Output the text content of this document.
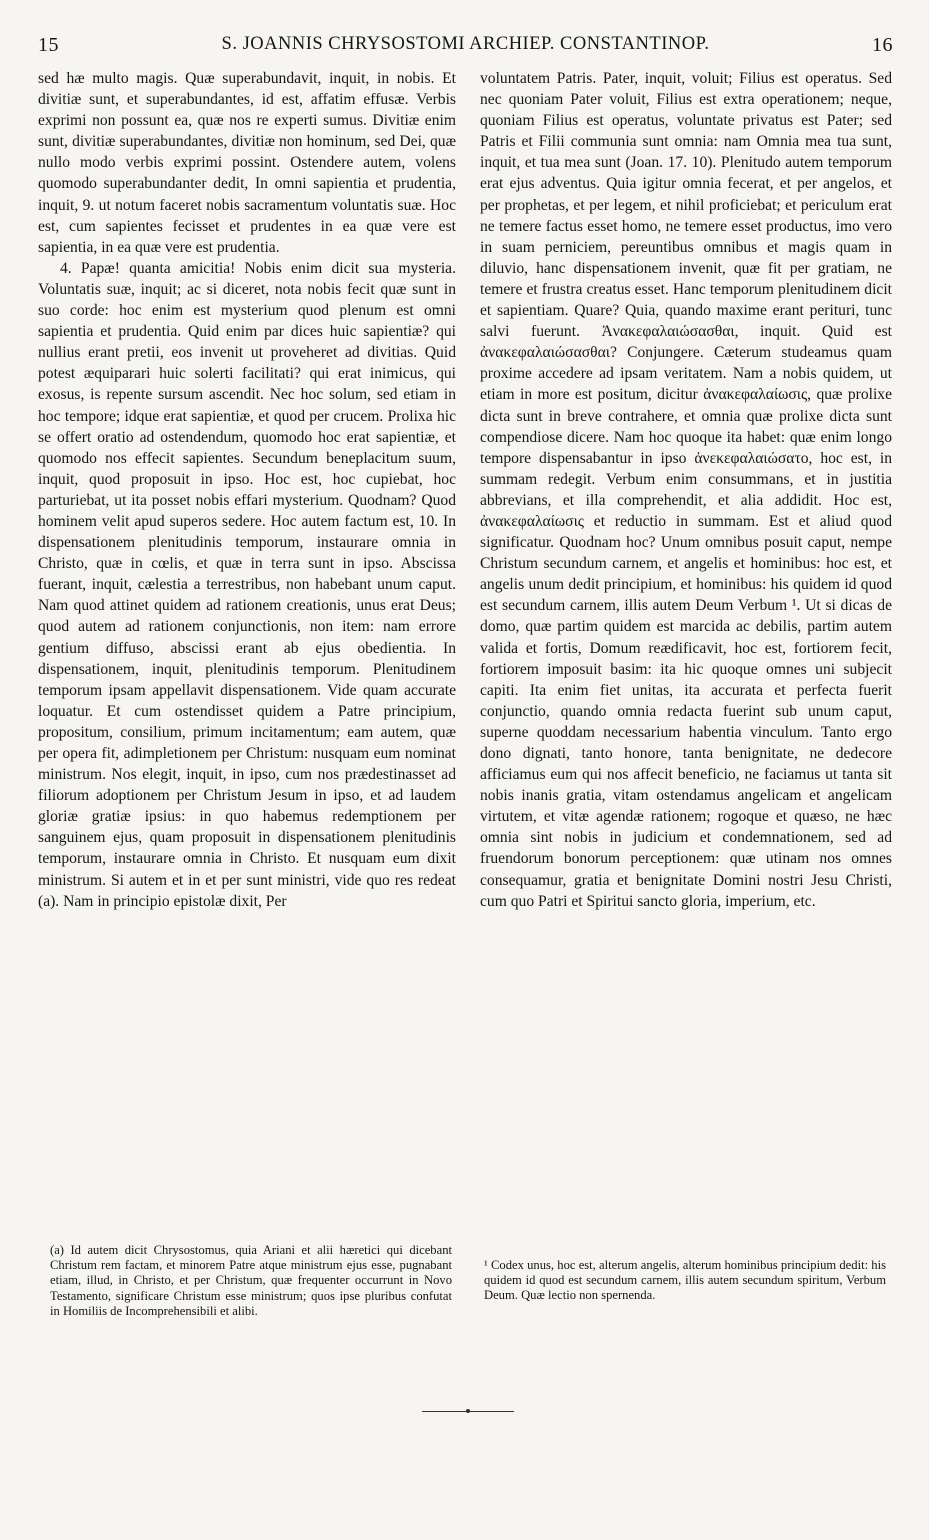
15	S. JOANNIS CHRYSOSTOMI ARCHIEP. CONSTANTINOP.	16

sed hæ multo magis. Quæ superabundavit, inquit, in nobis. Et divitiæ sunt, et superabundantes, id est, affatim effusæ. Verbis exprimi non possunt ea, quæ nos re experti sumus. Divitiæ enim sunt, divitiæ superabundantes, divitiæ non hominum, sed Dei, quæ nullo modo verbis exprimi possint. Ostendere autem, volens quomodo superabundanter dedit, In omni sapientia et prudentia, inquit, 9. ut notum faceret nobis sacramentum voluntatis suæ. Hoc est, cum sapientes fecisset et prudentes in ea quæ vere est sapientia, in ea quæ vere est prudentia.

4. Papæ! quanta amicitia! Nobis enim dicit sua mysteria. Voluntatis suæ, inquit; ac si diceret, nota nobis fecit quæ sunt in suo corde: hoc enim est mysterium quod plenum est omni sapientia et prudentia. Quid enim par dices huic sapientiæ? qui nullius erant pretii, eos invenit ut proveheret ad divitias. Quid potest æquiparari huic solerti facilitati? qui erat inimicus, qui exosus, is repente sursum ascendit. Nec hoc solum, sed etiam in hoc tempore; idque erat sapientiæ, et quod per crucem. Prolixa hic se offert oratio ad ostendendum, quomodo hoc erat sapientiæ, et quomodo nos effecit sapientes. Secundum beneplacitum suum, inquit, quod proposuit in ipso. Hoc est, hoc cupiebat, hoc parturiebat, ut ita posset nobis effari mysterium. Quodnam? Quod hominem velit apud superos sedere. Hoc autem factum est, 10. In dispensationem plenitudinis temporum, instaurare omnia in Christo, quæ in cœlis, et quæ in terra sunt in ipso. Abscissa fuerant, inquit, cælestia a terrestribus, non habebant unum caput. Nam quod attinet quidem ad rationem creationis, unus erat Deus; quod autem ad rationem conjunctionis, non item: nam errore gentium diffuso, abscissi erant ab ejus obedientia. In dispensationem, inquit, plenitudinis temporum. Plenitudinem temporum ipsam appellavit dispensationem. Vide quam accurate loquatur. Et cum ostendisset quidem a Patre principium, propositum, consilium, primum incitamentum; eam autem, quæ per opera fit, adimpletionem per Christum: nusquam eum nominat ministrum. Nos elegit, inquit, in ipso, cum nos prædestinasset ad filiorum adoptionem per Christum Jesum in ipso, et ad laudem gloriæ gratiæ ipsius: in quo habemus redemptionem per sanguinem ejus, quam proposuit in dispensationem plenitudinis temporum, instaurare omnia in Christo. Et nusquam eum dixit ministrum. Si autem et in et per sunt ministri, vide quo res redeat (a). Nam in principio epistolæ dixit, Per

voluntatem Patris. Pater, inquit, voluit; Filius est operatus. Sed nec quoniam Pater voluit, Filius est extra operationem; neque, quoniam Filius est operatus, voluntate privatus est Pater; sed Patris et Filii communia sunt omnia: nam Omnia mea tua sunt, inquit, et tua mea sunt (Joan. 17. 10). Plenitudo autem temporum erat ejus adventus. Quia igitur omnia fecerat, et per angelos, et per prophetas, et per legem, et nihil proficiebat; et periculum erat ne temere factus esset homo, ne temere esset productus, imo vero in suam perniciem, pereuntibus omnibus et magis quam in diluvio, hanc dispensationem invenit, quæ fit per gratiam, ne temere et frustra creatus esset. Hanc temporum plenitudinem dicit et sapientiam. Quare? Quia, quando maxime erant perituri, tunc salvi fuerunt. Ἀνακεφαλαιώσασθαι, inquit. Quid est ἀνακεφαλαιώσασθαι? Conjungere. Cæterum studeamus quam proxime accedere ad ipsam veritatem. Nam a nobis quidem, ut etiam in more est positum, dicitur ἀνακεφαλαίωσις, quæ prolixe dicta sunt in breve contrahere, et omnia quæ prolixe dicta sunt compendiose dicere. Nam hoc quoque ita habet: quæ enim longo tempore dispensabantur in ipso ἀνεκεφαλαιώσατο, hoc est, in summam redegit. Verbum enim consummans, et in justitia abbrevians, et illa comprehendit, et alia addidit. Hoc est, ἀνακεφαλαίωσις et reductio in summam. Est et aliud quod significatur. Quodnam hoc? Unum omnibus posuit caput, nempe Christum secundum carnem, et angelis et hominibus: hoc est, et angelis unum dedit principium, et hominibus: his quidem id quod est secundum carnem, illis autem Deum Verbum ¹. Ut si dicas de domo, quæ partim quidem est marcida ac debilis, partim autem valida et fortis, Domum reædificavit, hoc est, fortiorem fecit, fortiorem imposuit basim: ita hic quoque omnes uni subjecit capiti. Ita enim fiet unitas, ita accurata et perfecta fuerit conjunctio, quando omnia redacta fuerint sub unum caput, superne quoddam necessarium habentia vinculum. Tanto ergo dono dignati, tanto honore, tanta benignitate, ne dedecore afficiamus eum qui nos affecit beneficio, ne faciamus ut tanta sit nobis inanis gratia, vitam ostendamus angelicam et angelicam virtutem, et vitæ agendæ rationem; rogoque et quæso, ne hæc omnia sint nobis in judicium et condemnationem, sed ad fruendorum bonorum perceptionem: quæ utinam nos omnes consequamur, gratia et benignitate Domini nostri Jesu Christi, cum quo Patri et Spiritui sancto gloria, imperium, etc.

(a) Id autem dicit Chrysostomus, quia Ariani et alii hæretici qui dicebant Christum rem factam, et minorem Patre atque ministrum ejus esse, pugnabant etiam, illud, in Christo, et per Christum, quæ frequenter occurrunt in Novo Testamento, significare Christum esse ministrum; quos ipse pluribus confutat in Homiliis de Incomprehensibili et alibi.
¹ Codex unus, hoc est, alterum angelis, alterum hominibus principium dedit: his quidem id quod est secundum carnem, illis autem secundum spiritum, Verbum Deum. Quæ lectio non spernenda.
